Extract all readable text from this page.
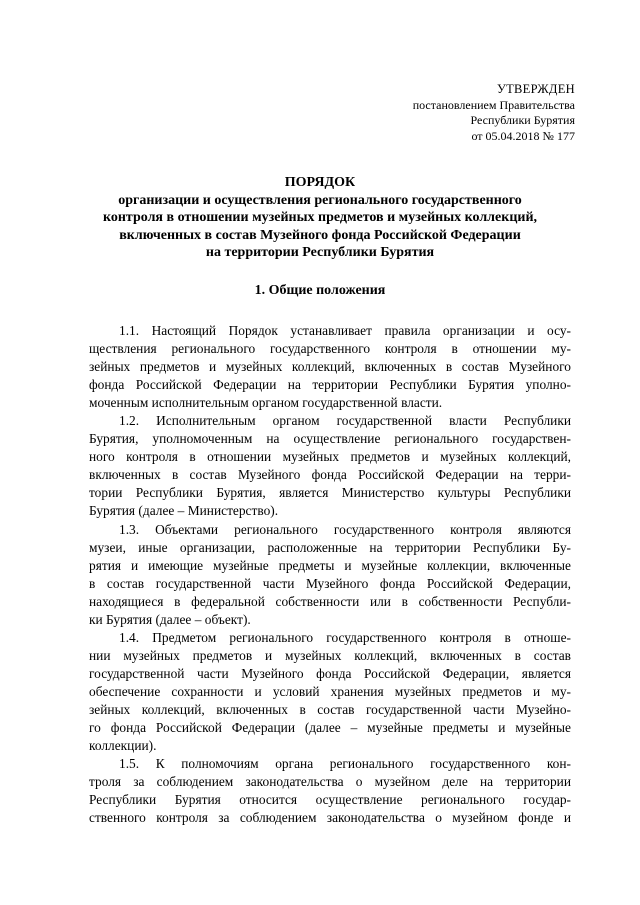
УТВЕРЖДЕН
постановлением Правительства
Республики Бурятия
от 05.04.2018 № 177
ПОРЯДОК
организации и осуществления регионального государственного
контроля в отношении музейных предметов и музейных коллекций,
включенных в состав Музейного фонда Российской Федерации
на территории Республики Бурятия
1. Общие положения
1.1. Настоящий Порядок устанавливает правила организации и осу-
ществления регионального государственного контроля в отношении му-
зейных предметов и музейных коллекций, включенных в состав Музейного
фонда Российской Федерации на территории Республики Бурятия уполно-
моченным исполнительным органом государственной власти.
1.2. Исполнительным органом государственной власти Республики
Бурятия, уполномоченным на осуществление регионального государствен-
ного контроля в отношении музейных предметов и музейных коллекций,
включенных в состав Музейного фонда Российской Федерации на терри-
тории Республики Бурятия, является Министерство культуры Республики
Бурятия (далее – Министерство).
1.3. Объектами регионального государственного контроля являются
музеи, иные организации, расположенные на территории Республики Бу-
рятия и имеющие музейные предметы и музейные коллекции, включенные
в состав государственной части Музейного фонда Российской Федерации,
находящиеся в федеральной собственности или в собственности Республи-
ки Бурятия (далее – объект).
1.4. Предметом регионального государственного контроля в отноше-
нии музейных предметов и музейных коллекций, включенных в состав
государственной части Музейного фонда Российской Федерации, является
обеспечение сохранности и условий хранения музейных предметов и му-
зейных коллекций, включенных в состав государственной части Музейно-
го фонда Российской Федерации (далее – музейные предметы и музейные
коллекции).
1.5. К полномочиям органа регионального государственного кон-
троля за соблюдением законодательства о музейном деле на территории
Республики Бурятия относится осуществление регионального государ-
ственного контроля за соблюдением законодательства о музейном фонде и
